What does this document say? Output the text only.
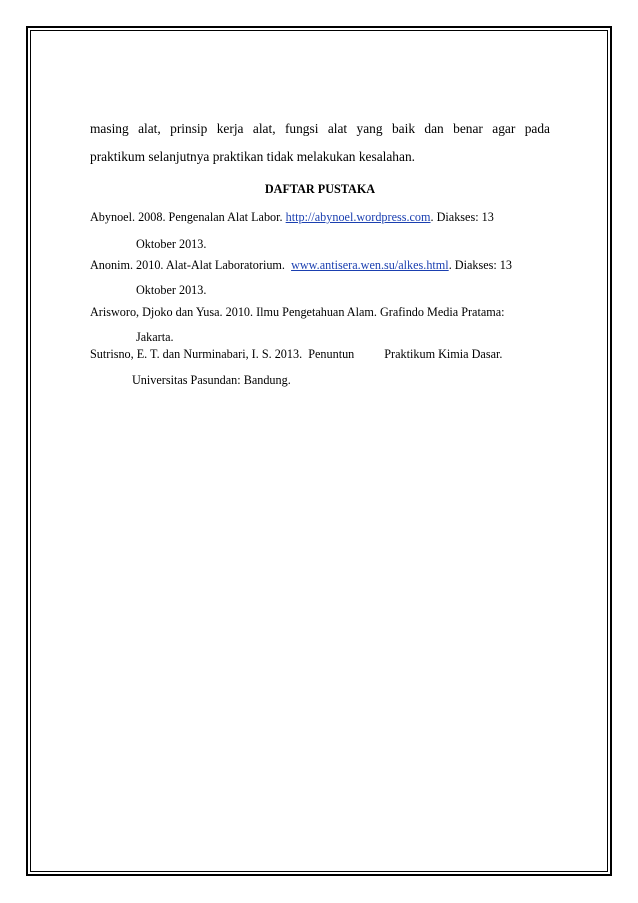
masing alat, prinsip kerja alat, fungsi alat yang baik dan benar agar pada
praktikum selanjutnya praktikan tidak melakukan kesalahan.
DAFTAR PUSTAKA
Abynoel. 2008. Pengenalan Alat Labor. http://abynoel.wordpress.com. Diakses: 13
Oktober 2013.
Anonim. 2010. Alat-Alat Laboratorium.  www.antisera.wen.su/alkes.html. Diakses: 13
Oktober 2013.
Arisworo, Djoko dan Yusa. 2010. Ilmu Pengetahuan Alam. Grafindo Media Pratama:
Jakarta.
Sutrisno, E. T. dan Nurminabari, I. S. 2013.  Penuntun Praktikum Kimia Dasar.
Universitas Pasundan: Bandung.
